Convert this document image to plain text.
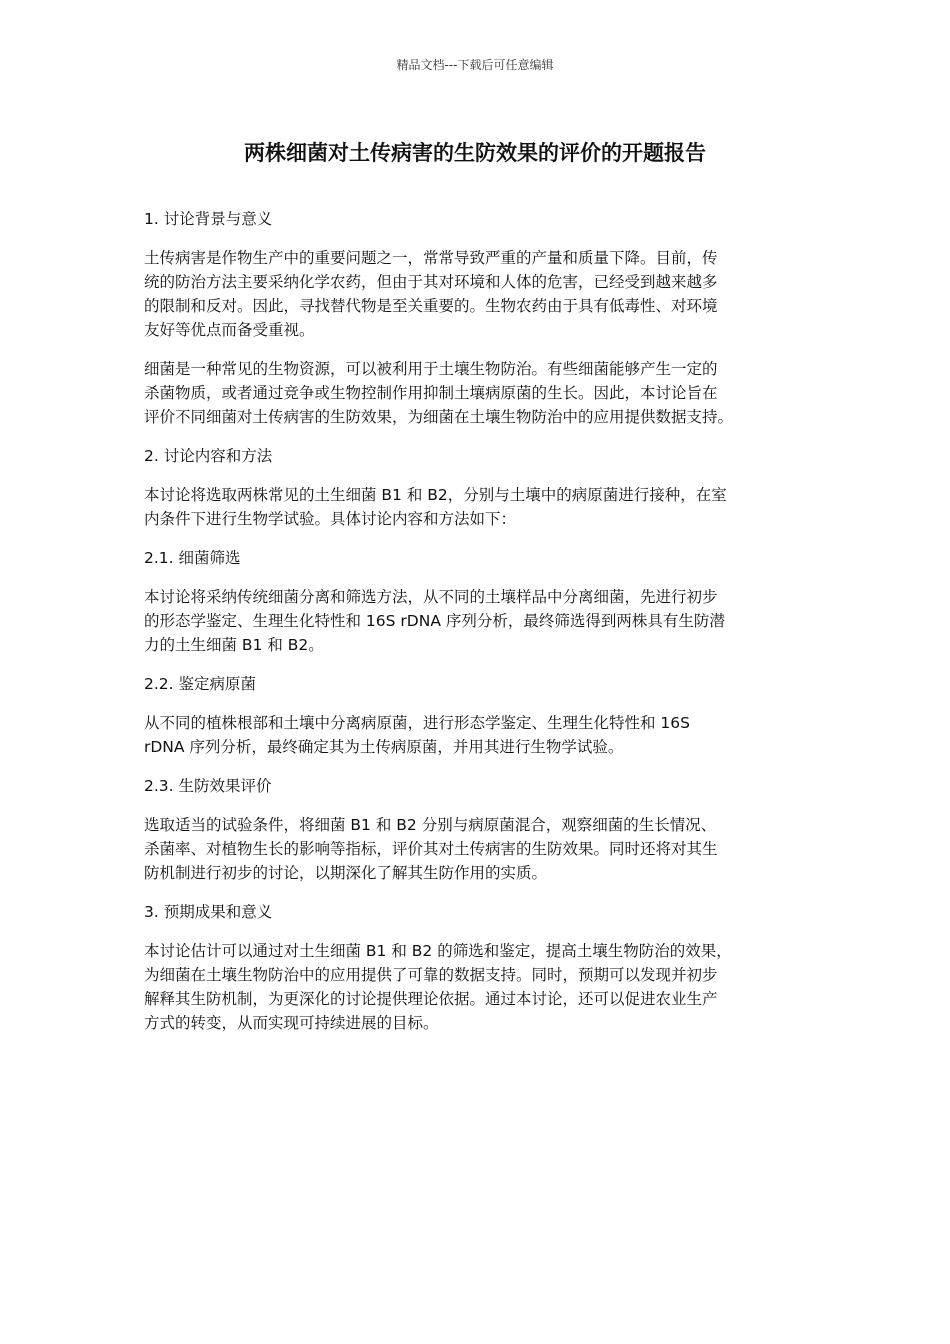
精品文档---下载后可任意编辑
两株细菌对土传病害的生防效果的评价的开题报告
1. 讨论背景与意义

土传病害是作物生产中的重要问题之一，常常导致严重的产量和质量下降。目前，传
统的防治方法主要采纳化学农药，但由于其对环境和人体的危害，已经受到越来越多
的限制和反对。因此，寻找替代物是至关重要的。生物农药由于具有低毒性、对环境
友好等优点而备受重视。

细菌是一种常见的生物资源，可以被利用于土壤生物防治。有些细菌能够产生一定的
杀菌物质，或者通过竞争或生物控制作用抑制土壤病原菌的生长。因此，本讨论旨在
评价不同细菌对土传病害的生防效果，为细菌在土壤生物防治中的应用提供数据支持。

2. 讨论内容和方法

本讨论将选取两株常见的土生细菌 B1 和 B2，分别与土壤中的病原菌进行接种，在室
内条件下进行生物学试验。具体讨论内容和方法如下：

2.1. 细菌筛选

本讨论将采纳传统细菌分离和筛选方法，从不同的土壤样品中分离细菌，先进行初步
的形态学鉴定、生理生化特性和 16S rDNA 序列分析，最终筛选得到两株具有生防潜
力的土生细菌 B1 和 B2。

2.2. 鉴定病原菌

从不同的植株根部和土壤中分离病原菌，进行形态学鉴定、生理生化特性和 16S
rDNA 序列分析，最终确定其为土传病原菌，并用其进行生物学试验。

2.3. 生防效果评价

选取适当的试验条件，将细菌 B1 和 B2 分别与病原菌混合，观察细菌的生长情况、
杀菌率、对植物生长的影响等指标，评价其对土传病害的生防效果。同时还将对其生
防机制进行初步的讨论，以期深化了解其生防作用的实质。

3. 预期成果和意义

本讨论估计可以通过对土生细菌 B1 和 B2 的筛选和鉴定，提高土壤生物防治的效果，
为细菌在土壤生物防治中的应用提供了可靠的数据支持。同时，预期可以发现并初步
解释其生防机制，为更深化的讨论提供理论依据。通过本讨论，还可以促进农业生产
方式的转变，从而实现可持续进展的目标。
